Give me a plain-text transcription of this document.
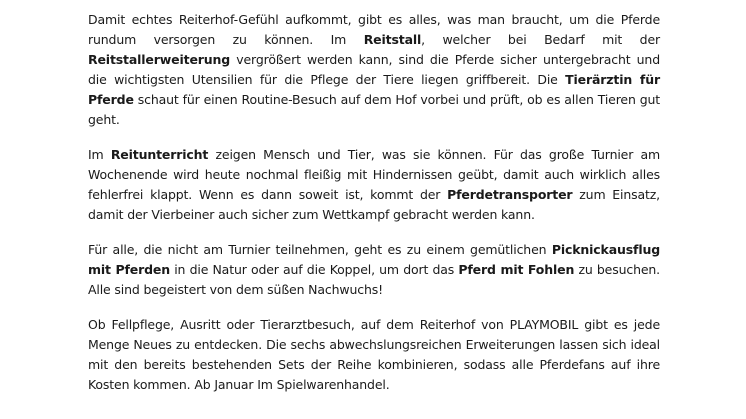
Damit echtes Reiterhof-Gefühl aufkommt, gibt es alles, was man braucht, um die Pferde rundum versorgen zu können. Im Reitstall, welcher bei Bedarf mit der Reitstallerweiterung vergrößert werden kann, sind die Pferde sicher untergebracht und die wichtigsten Utensilien für die Pflege der Tiere liegen griffbereit. Die Tierärztin für Pferde schaut für einen Routine-Besuch auf dem Hof vorbei und prüft, ob es allen Tieren gut geht.

Im Reitunterricht zeigen Mensch und Tier, was sie können. Für das große Turnier am Wochenende wird heute nochmal fleißig mit Hindernissen geübt, damit auch wirklich alles fehlerfrei klappt. Wenn es dann soweit ist, kommt der Pferdetransporter zum Einsatz, damit der Vierbeiner auch sicher zum Wettkampf gebracht werden kann.

Für alle, die nicht am Turnier teilnehmen, geht es zu einem gemütlichen Picknickausflug mit Pferden in die Natur oder auf die Koppel, um dort das Pferd mit Fohlen zu besuchen. Alle sind begeistert von dem süßen Nachwuchs!

Ob Fellpflege, Ausritt oder Tierarztbesuch, auf dem Reiterhof von PLAYMOBIL gibt es jede Menge Neues zu entdecken. Die sechs abwechslungsreichen Erweiterungen lassen sich ideal mit den bereits bestehenden Sets der Reihe kombinieren, sodass alle Pferdefans auf ihre Kosten kommen. Ab Januar Im Spielwarenhandel.
